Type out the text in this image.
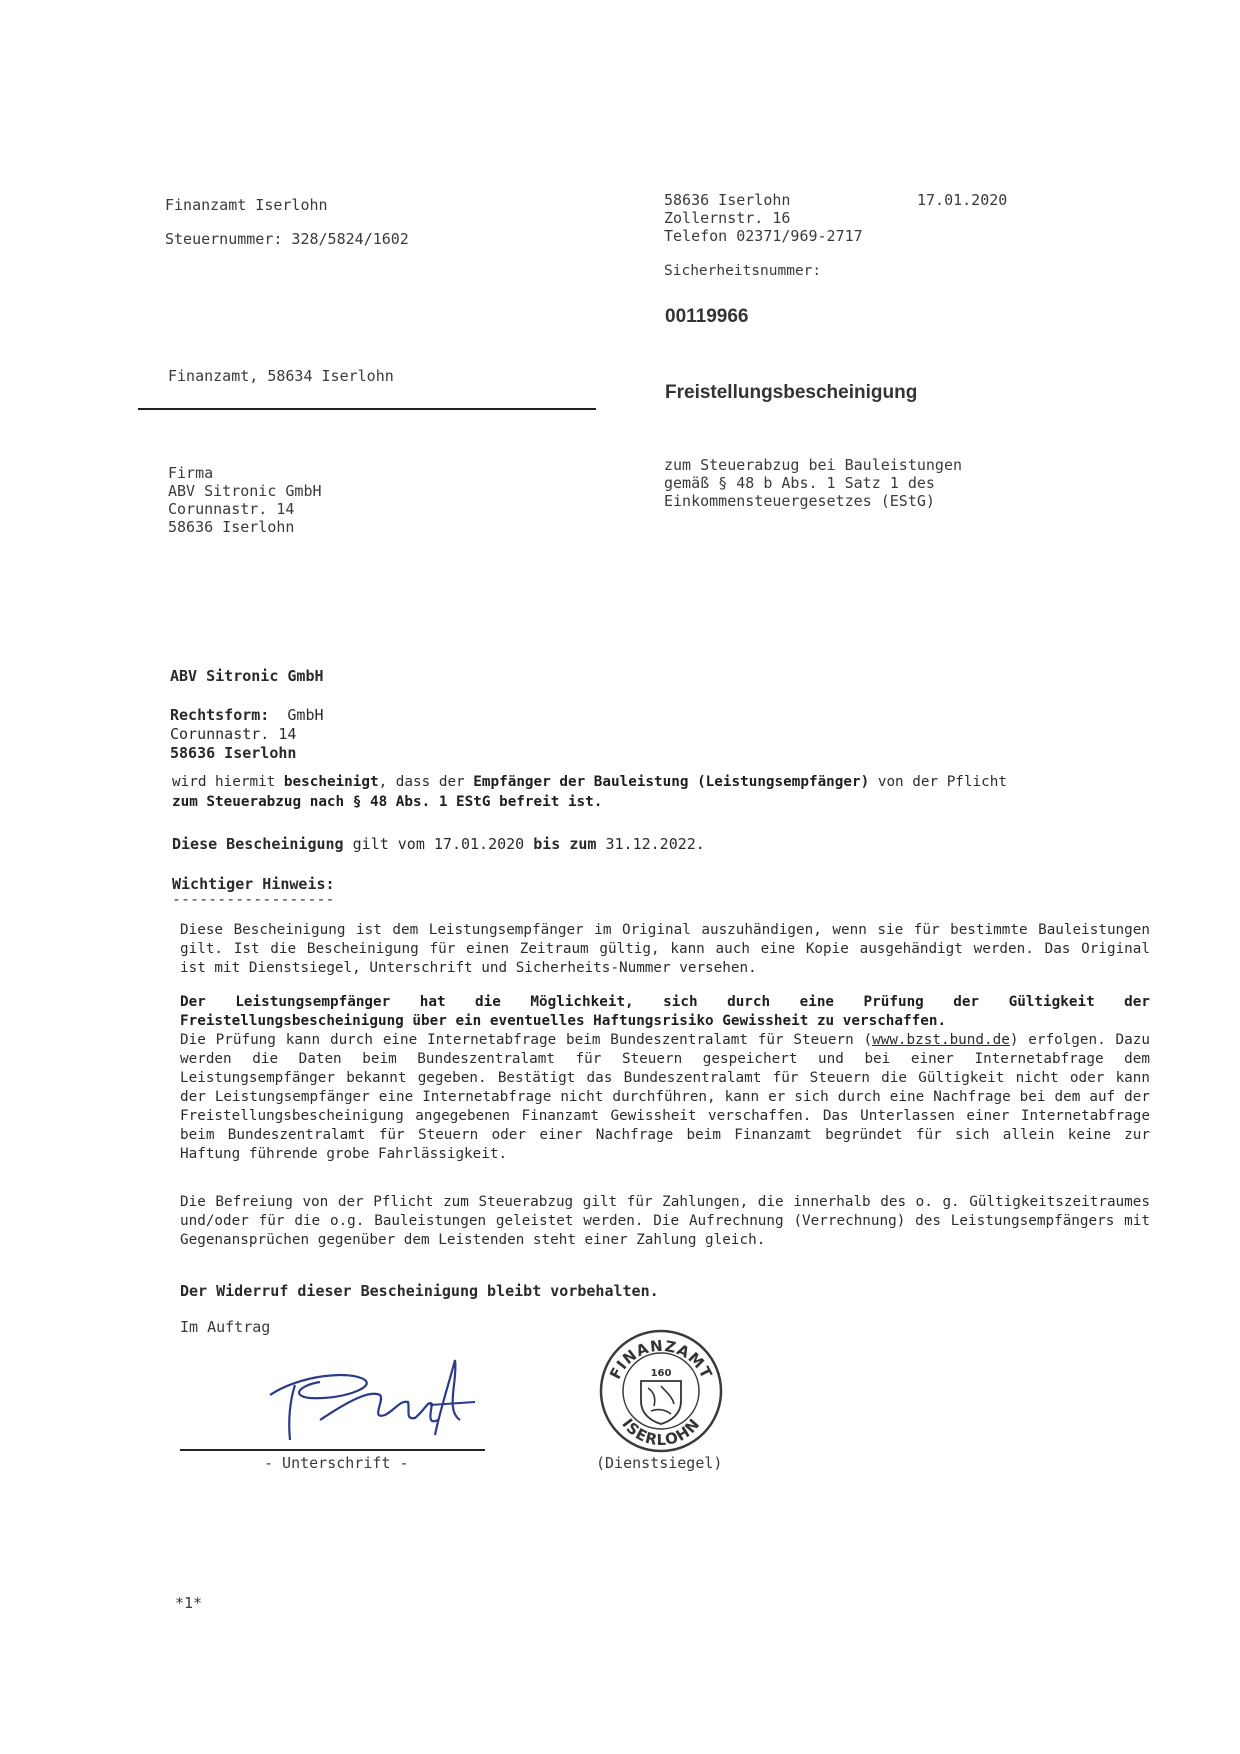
Finanzamt Iserlohn
Steuernummer: 328/5824/1602
58636 Iserlohn	17.01.2020
Zollernstr. 16
Telefon 02371/969-2717
Sicherheitsnummer:
00119966
Finanzamt, 58634 Iserlohn
Freistellungsbescheinigung
zum Steuerabzug bei Bauleistungen
gemäß § 48 b Abs. 1 Satz 1 des
Einkommensteuergesetzes (EStG)
Firma
ABV Sitronic GmbH
Corunnastr. 14
58636 Iserlohn
ABV Sitronic GmbH
Rechtsform: GmbH
Corunnastr. 14
58636 Iserlohn
wird hiermit bescheinigt, dass der Empfänger der Bauleistung (Leistungsempfänger) von der Pflicht
zum Steuerabzug nach § 48 Abs. 1 EStG befreit ist.
Diese Bescheinigung gilt vom 17.01.2020 bis zum 31.12.2022.
Wichtiger Hinweis:
------------------
Diese Bescheinigung ist dem Leistungsempfänger im Original auszuhändigen, wenn sie für bestimmte Bauleistungen gilt. Ist die Bescheinigung für einen Zeitraum gültig, kann auch eine Kopie ausgehändigt werden. Das Original ist mit Dienstsiegel, Unterschrift und Sicherheits-Nummer versehen.
Der Leistungsempfänger hat die Möglichkeit, sich durch eine Prüfung der Gültigkeit der Freistellungsbescheinigung über ein eventuelles Haftungsrisiko Gewissheit zu verschaffen.
Die Prüfung kann durch eine Internetabfrage beim Bundeszentralamt für Steuern (www.bzst.bund.de) erfolgen. Dazu werden die Daten beim Bundeszentralamt für Steuern gespeichert und bei einer Internetabfrage dem Leistungsempfänger bekannt gegeben. Bestätigt das Bundeszentralamt für Steuern die Gültigkeit nicht oder kann der Leistungsempfänger eine Internetabfrage nicht durchführen, kann er sich durch eine Nachfrage bei dem auf der Freistellungsbescheinigung angegebenen Finanzamt Gewissheit verschaffen. Das Unterlassen einer Internetabfrage beim Bundeszentralamt für Steuern oder einer Nachfrage beim Finanzamt begründet für sich allein keine zur Haftung führende grobe Fahrlässigkeit.
Die Befreiung von der Pflicht zum Steuerabzug gilt für Zahlungen, die innerhalb des o. g. Gültigkeitszeitraumes und/oder für die o.g. Bauleistungen geleistet werden. Die Aufrechnung (Verrechnung) des Leistungsempfängers mit Gegenansprüchen gegenüber dem Leistenden steht einer Zahlung gleich.
Der Widerruf dieser Bescheinigung bleibt vorbehalten.
Im Auftrag
- Unterschrift -
FINANZAMT
ISERLOHN
160
(Dienstsiegel)
*1*
